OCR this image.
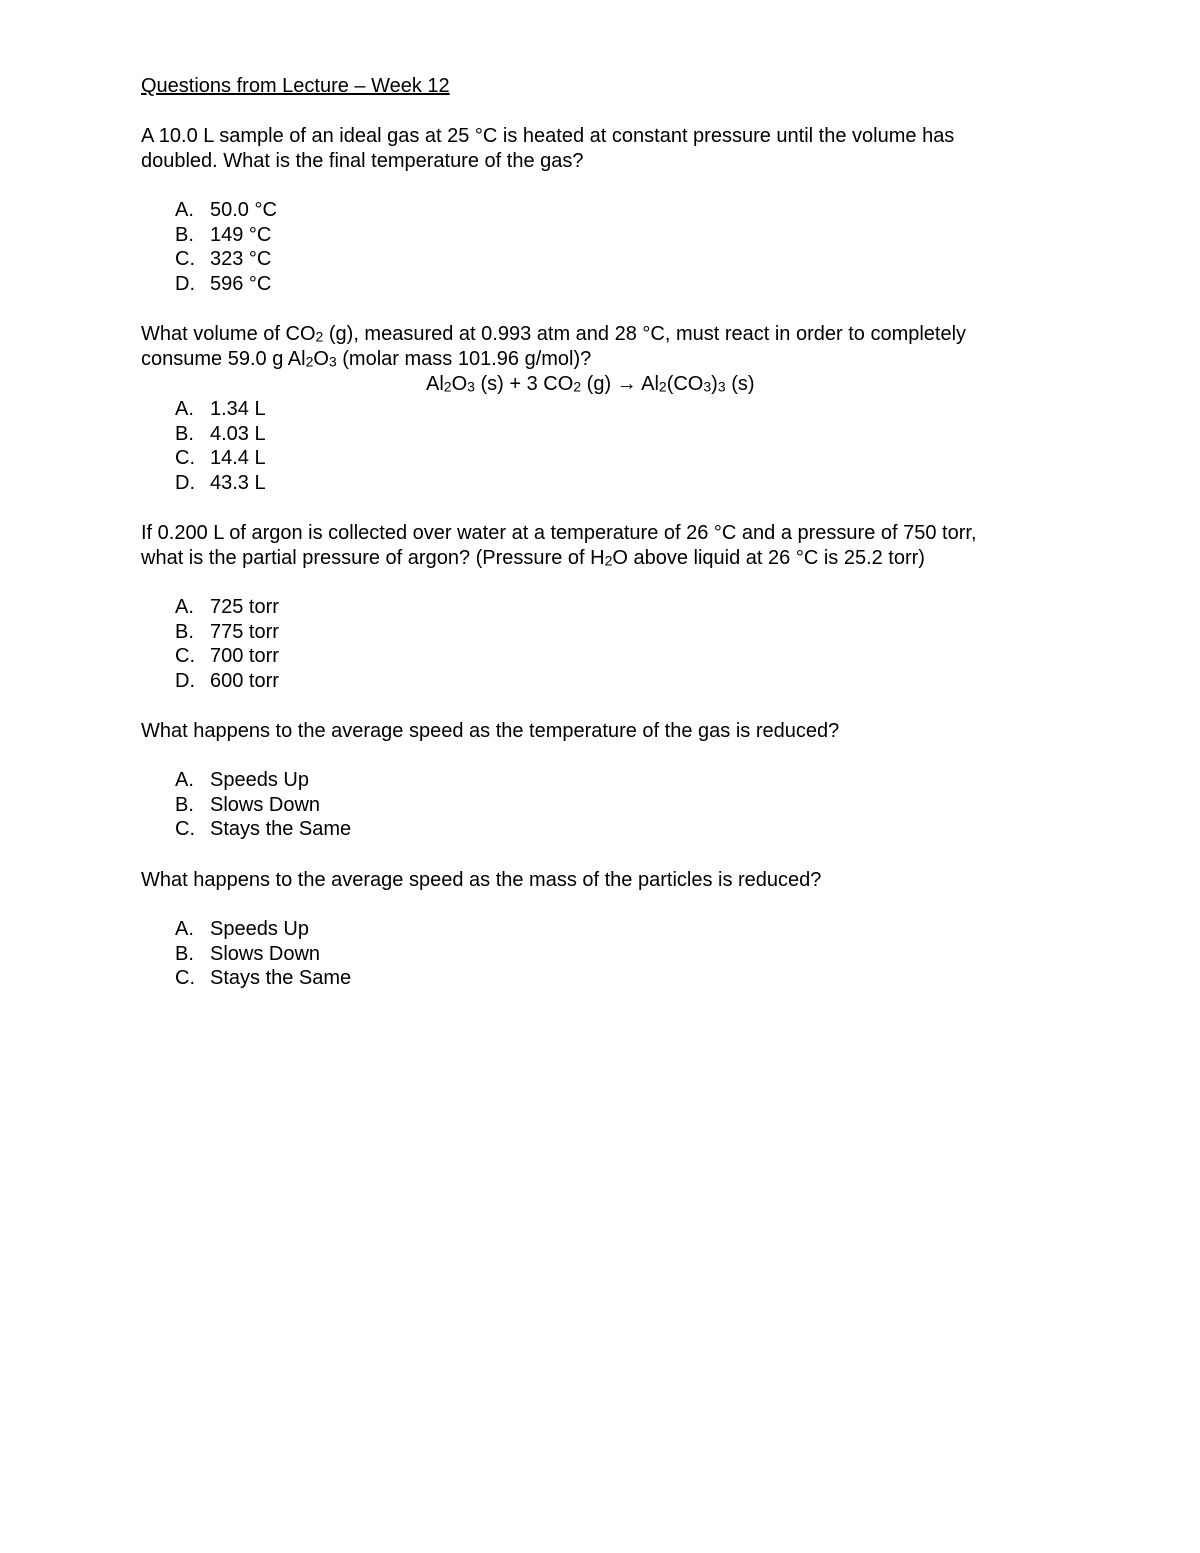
Questions from Lecture – Week 12

A 10.0 L sample of an ideal gas at 25 °C is heated at constant pressure until the volume has

doubled. What is the final temperature of the gas?

A. 50.0 °C
B. 149 °C
C. 323 °C
D. 596 °C

What volume of $CO_2$ (g), measured at 0.993 atm and 28 °C, must react in order to completely

consume 59.0 g $Al_2O_3$ (molar mass 101.96 g/mol)?

$Al_2O_3$ (s) + 3 $CO_2$ $(g) \to Al_2(CO_3)_3$ (s)

A. 1.34 L
B. 4.03 L
C. 14.4 L
D. 43.3 L

If 0.200 L of argon is collected over water at a temperature of 26 °C and a pressure of 750 torr,

what is the partial pressure of argon? (Pressure of $H_2O$ above liquid at 26 °C is 25.2 torr)

A. 725 torr
B. 775 torr
C. 700 torr
D. 600 torr

What happens to the average speed as the temperature of the gas is reduced?

A. Speeds Up
B. Slows Down
C. Stays the Same

What happens to the average speed as the mass of the particles is reduced?

A. Speeds Up
B. Slows Down
C. Stays the Same
